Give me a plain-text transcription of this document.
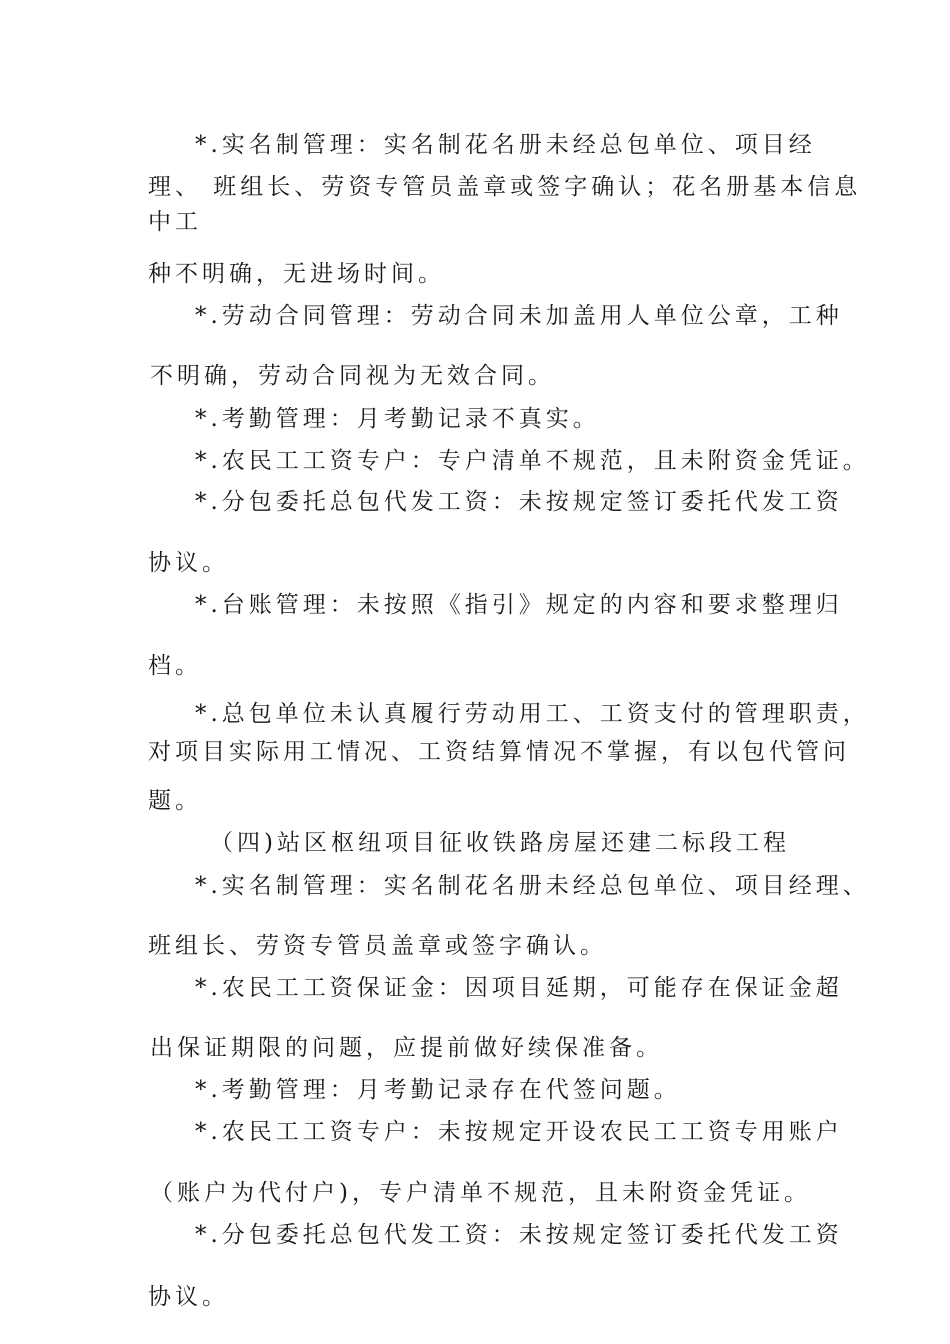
*.实名制管理：实名制花名册未经总包单位、项目经
理、 班组长、劳资专管员盖章或签字确认；花名册基本信息
中工
种不明确，无进场时间。
*.劳动合同管理：劳动合同未加盖用人单位公章，工种
不明确，劳动合同视为无效合同。
*.考勤管理：月考勤记录不真实。
*.农民工工资专户：专户清单不规范，且未附资金凭证。
*.分包委托总包代发工资：未按规定签订委托代发工资
协议。
*.台账管理：未按照《指引》规定的内容和要求整理归
档。
*.总包单位未认真履行劳动用工、工资支付的管理职责，
对项目实际用工情况、工资结算情况不掌握，有以包代管问
题。
（四)站区枢纽项目征收铁路房屋还建二标段工程
*.实名制管理：实名制花名册未经总包单位、项目经理、
班组长、劳资专管员盖章或签字确认。
*.农民工工资保证金：因项目延期，可能存在保证金超
出保证期限的问题，应提前做好续保准备。
*.考勤管理：月考勤记录存在代签问题。
*.农民工工资专户：未按规定开设农民工工资专用账户
（账户为代付户)，专户清单不规范，且未附资金凭证。
*.分包委托总包代发工资：未按规定签订委托代发工资
协议。
